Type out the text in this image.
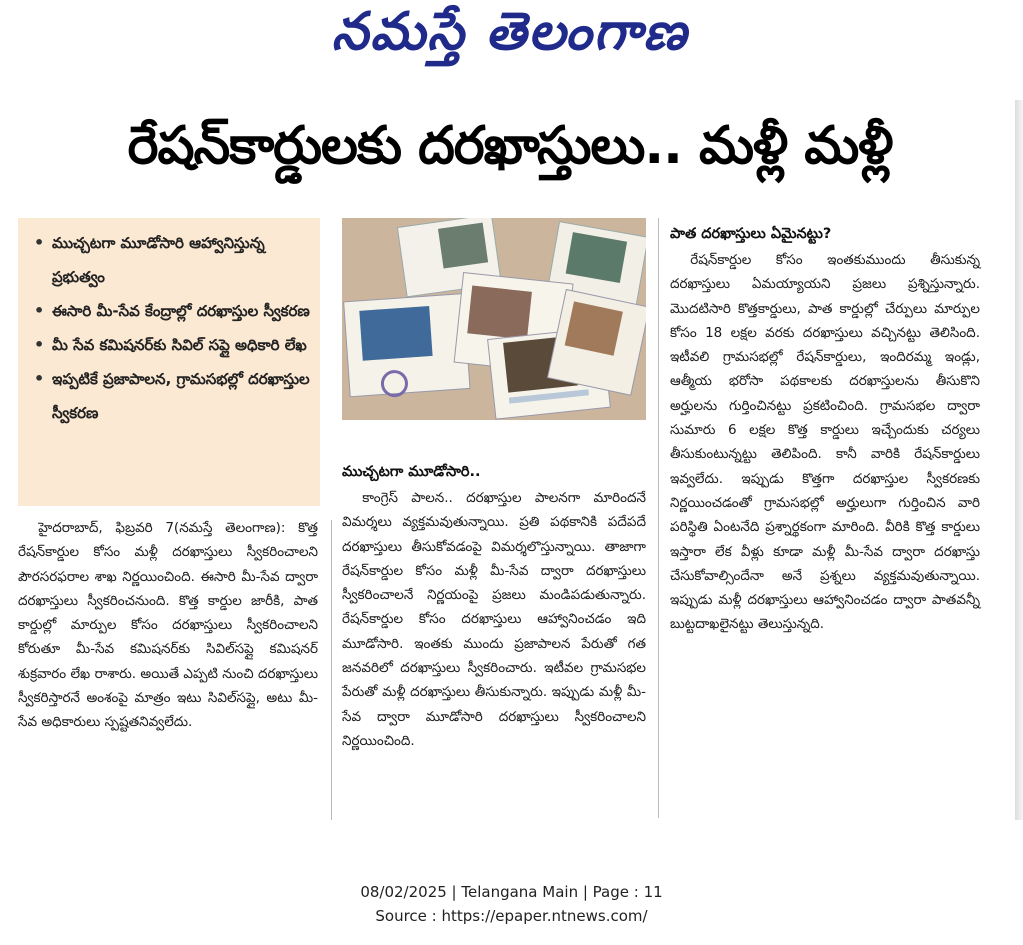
నమస్తే తెలంగాణ
రేషన్‌కార్డులకు దరఖాస్తులు.. మళ్లీ మళ్లీ
• ముచ్చటగా మూడోసారి ఆహ్వానిస్తున్న ప్రభుత్వం
• ఈసారి మీ-సేవ కేంద్రాల్లో దరఖాస్తుల స్వీకరణ
• మీ సేవ కమిషనర్‌కు సివిల్‌ సప్లై అధికారి లేఖ
• ఇప్పటికే ప్రజాపాలన, గ్రామసభల్లో దరఖాస్తుల స్వీకరణ

హైదరాబాద్‌, ఫిబ్రవరి 7(నమస్తే తెలంగాణ): కొత్త రేషన్‌కార్డుల కోసం మళ్లీ దరఖాస్తులు స్వీకరించాలని పౌరసరఫరాల శాఖ నిర్ణయించింది. ఈసారి మీ-సేవ ద్వారా దరఖాస్తులు స్వీకరించనుంది. కొత్త కార్డుల జారీకి, పాత కార్డుల్లో మార్పుల కోసం దరఖాస్తులు స్వీకరించాలని కోరుతూ మీ-సేవ కమిషనర్‌కు సివిల్‌సప్లై కమిషనర్‌ శుక్రవారం లేఖ రాశారు. అయితే ఎప్పటి నుంచి దరఖాస్తులు స్వీకరిస్తారనే అంశంపై మాత్రం ఇటు సివిల్‌సప్లై, అటు మీ-సేవ అధికారులు స్పష్టతనివ్వలేదు.

ముచ్చటగా మూడోసారి..

కాంగ్రెస్‌ పాలన.. దరఖాస్తుల పాలనగా మారిందనే విమర్శలు వ్యక్తమవుతున్నాయి. ప్రతి పథకానికి పదేపదే దరఖాస్తులు తీసుకోవడంపై విమర్శలొస్తున్నాయి. తాజాగా రేషన్‌కార్డుల కోసం మళ్లీ మీ-సేవ ద్వారా దరఖాస్తులు స్వీకరించాలనే నిర్ణయంపై ప్రజలు మండిపడుతున్నారు. రేషన్‌కార్డుల కోసం దరఖాస్తులు ఆహ్వానించడం ఇది మూడోసారి. ఇంతకు ముందు ప్రజాపాలన పేరుతో గత జనవరిలో దరఖాస్తులు స్వీకరించారు. ఇటీవల గ్రామసభల పేరుతో మళ్లీ దరఖాస్తులు తీసుకున్నారు. ఇప్పుడు మళ్లీ మీ-సేవ ద్వారా మూడోసారి దరఖాస్తులు స్వీకరించాలని నిర్ణయించింది.

పాత దరఖాస్తులు ఏమైనట్టు?

రేషన్‌కార్డుల కోసం ఇంతకుముందు తీసుకున్న దరఖాస్తులు ఏమయ్యాయని ప్రజలు ప్రశ్నిస్తున్నారు. మొదటిసారి కొత్తకార్డులు, పాత కార్డుల్లో చేర్పులు మార్పుల కోసం 18 లక్షల వరకు దరఖాస్తులు వచ్చినట్టు తెలిసింది. ఇటీవలి గ్రామసభల్లో రేషన్‌కార్డులు, ఇందిరమ్మ ఇండ్లు, ఆత్మీయ భరోసా పథకాలకు దరఖాస్తులను తీసుకొని అర్హులను గుర్తించినట్టు ప్రకటించింది. గ్రామసభల ద్వారా సుమారు 6 లక్షల కొత్త కార్డులు ఇచ్చేందుకు చర్యలు తీసుకుంటున్నట్టు తెలిపింది. కానీ వారికి రేషన్‌కార్డులు ఇవ్వలేదు. ఇప్పుడు కొత్తగా దరఖాస్తుల స్వీకరణకు నిర్ణయించడంతో గ్రామసభల్లో అర్హులుగా గుర్తించిన వారి పరిస్థితి ఏంటనేది ప్రశ్నార్థకంగా మారింది. వీరికి కొత్త కార్డులు ఇస్తారా లేక వీళ్లు కూడా మళ్లీ మీ-సేవ ద్వారా దరఖాస్తు చేసుకోవాల్సిందేనా అనే ప్రశ్నలు వ్యక్తమవుతున్నాయి. ఇప్పుడు మళ్లీ దరఖాస్తులు ఆహ్వానించడం ద్వారా పాతవన్నీ బుట్టదాఖలైనట్టు తెలుస్తున్నది.

08/02/2025 | Telangana Main | Page : 11
Source : https://epaper.ntnews.com/
